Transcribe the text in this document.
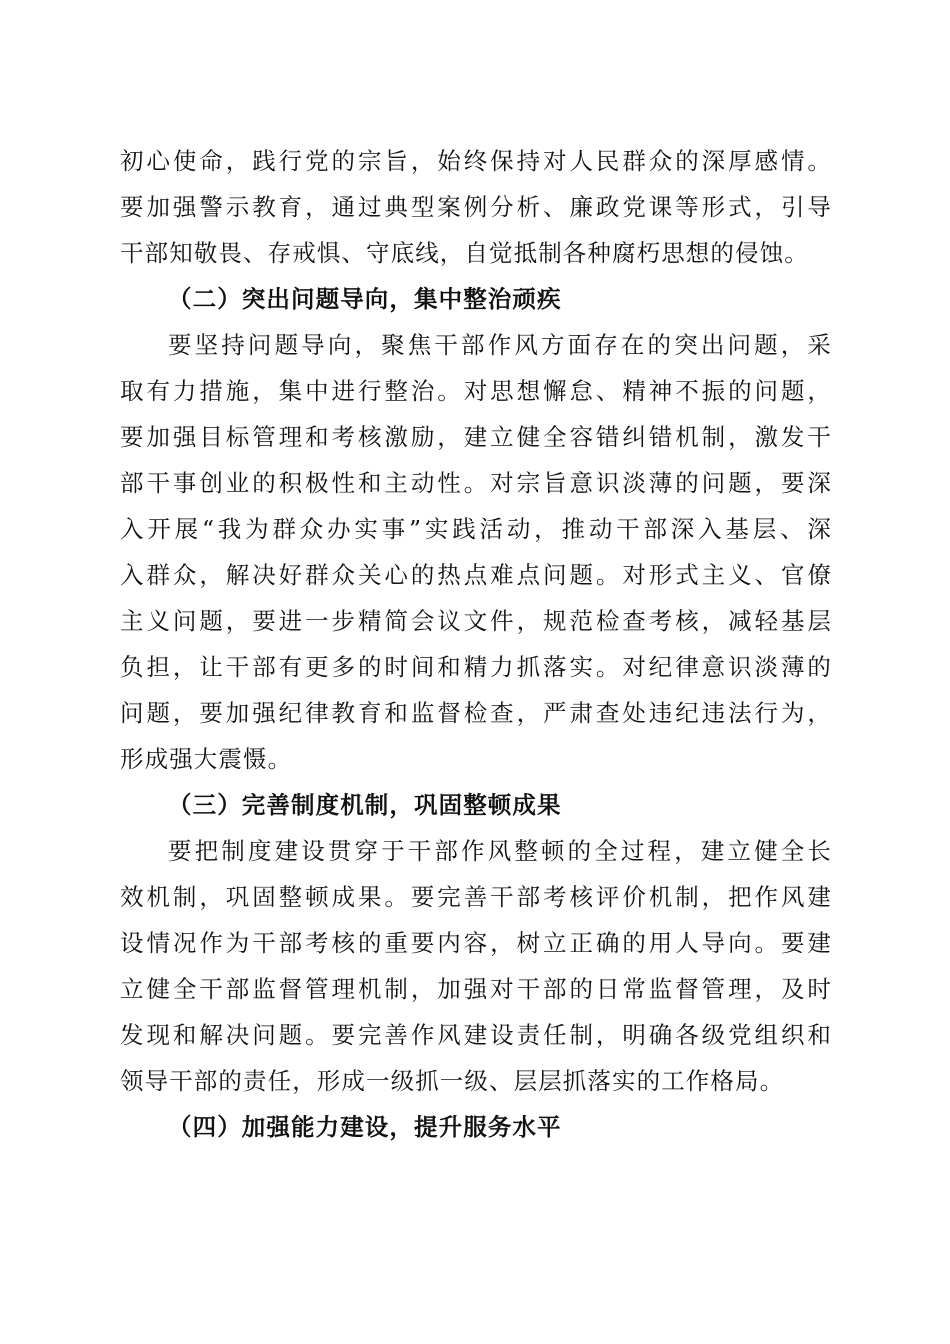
初心使命，践行党的宗旨，始终保持对人民群众的深厚感情。
要加强警示教育，通过典型案例分析、廉政党课等形式，引导
干部知敬畏、存戒惧、守底线，自觉抵制各种腐朽思想的侵蚀。
（二）突出问题导向，集中整治顽疾
要坚持问题导向，聚焦干部作风方面存在的突出问题，采
取有力措施，集中进行整治。对思想懈怠、精神不振的问题，
要加强目标管理和考核激励，建立健全容错纠错机制，激发干
部干事创业的积极性和主动性。对宗旨意识淡薄的问题，要深
入开展“我为群众办实事”实践活动，推动干部深入基层、深
入群众，解决好群众关心的热点难点问题。对形式主义、官僚
主义问题，要进一步精简会议文件，规范检查考核，减轻基层
负担，让干部有更多的时间和精力抓落实。对纪律意识淡薄的
问题，要加强纪律教育和监督检查，严肃查处违纪违法行为，
形成强大震慑。
（三）完善制度机制，巩固整顿成果
要把制度建设贯穿于干部作风整顿的全过程，建立健全长
效机制，巩固整顿成果。要完善干部考核评价机制，把作风建
设情况作为干部考核的重要内容，树立正确的用人导向。要建
立健全干部监督管理机制，加强对干部的日常监督管理，及时
发现和解决问题。要完善作风建设责任制，明确各级党组织和
领导干部的责任，形成一级抓一级、层层抓落实的工作格局。
（四）加强能力建设，提升服务水平
